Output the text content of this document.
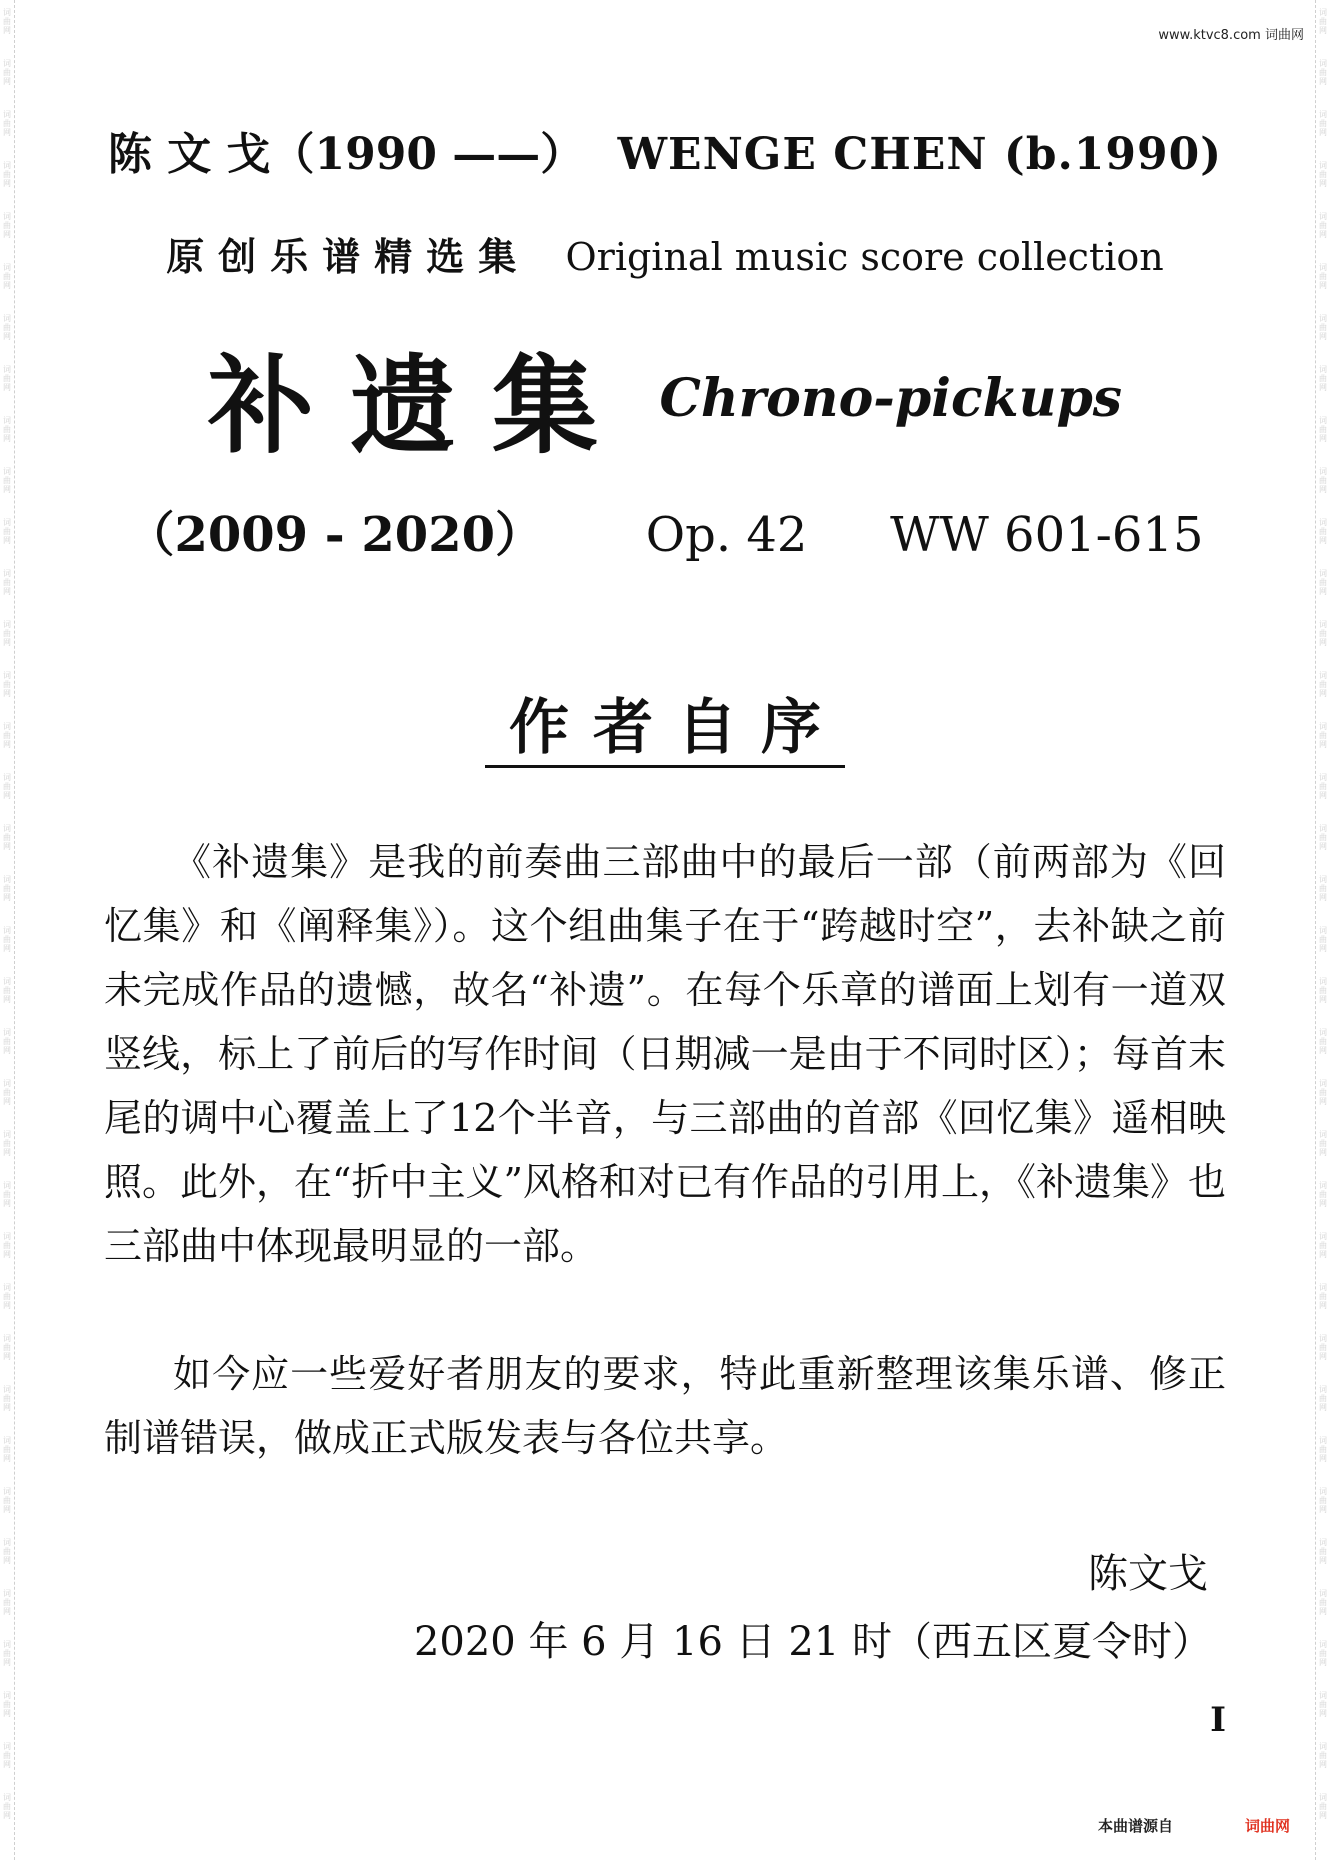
www.ktvc8.com 词曲网
陈 文 戈（1990 ——） WENGE CHEN (b.1990)
原创乐谱精选集 Original music score collection
补遗集 Chrono-pickups
（2009 - 2020） Op. 42 WW 601-615
作者自序

《补遗集》是我的前奏曲三部曲中的最后一部（前两部为《回忆集》和《阐释集》）。这个组曲集子在于“跨越时空”，去补缺之前未完成作品的遗憾，故名“补遗”。在每个乐章的谱面上划有一道双竖线，标上了前后的写作时间（日期减一是由于不同时区）；每首末尾的调中心覆盖上了12个半音，与三部曲的首部《回忆集》遥相映照。此外，在“折中主义”风格和对已有作品的引用上，《补遗集》也三部曲中体现最明显的一部。

如今应一些爱好者朋友的要求，特此重新整理该集乐谱、修正制谱错误，做成正式版发表与各位共享。

陈文戈
2020 年 6 月 16 日 21 时（西五区夏令时）
I
本曲谱源自	词曲网
词
曲
网
词
曲
网
词
曲
网
词
曲
网
词
曲
网
词
曲
网
词
曲
网
词
曲
网
词
曲
网
词
曲
网
词
曲
网
词
曲
网
词
曲
网
词
曲
网
词
曲
网
词
曲
网
词
曲
网
词
曲
网
词
曲
网
词
曲
网
词
曲
网
词
曲
网
词
曲
网
词
曲
网
词
曲
网
词
曲
网
词
曲
网
词
曲
网
词
曲
网
词
曲
网
词
曲
网
词
曲
网
词
曲
网
词
曲
网
词
曲
网
词
曲
网
词
曲
网
词
曲
网
词
曲
网
词
曲
网
词
曲
网
词
曲
网
词
曲
网
词
曲
网
词
曲
网
词
曲
网
词
曲
网
词
曲
网
词
曲
网
词
曲
网
词
曲
网
词
曲
网
词
曲
网
词
曲
网
词
曲
网
词
曲
网
词
曲
网
词
曲
网
词
曲
网
词
曲
网
词
曲
网
词
曲
网
词
曲
网
词
曲
网
词
曲
网
词
曲
网
词
曲
网
词
曲
网
词
曲
网
词
曲
网
词
曲
网
词
曲
网
